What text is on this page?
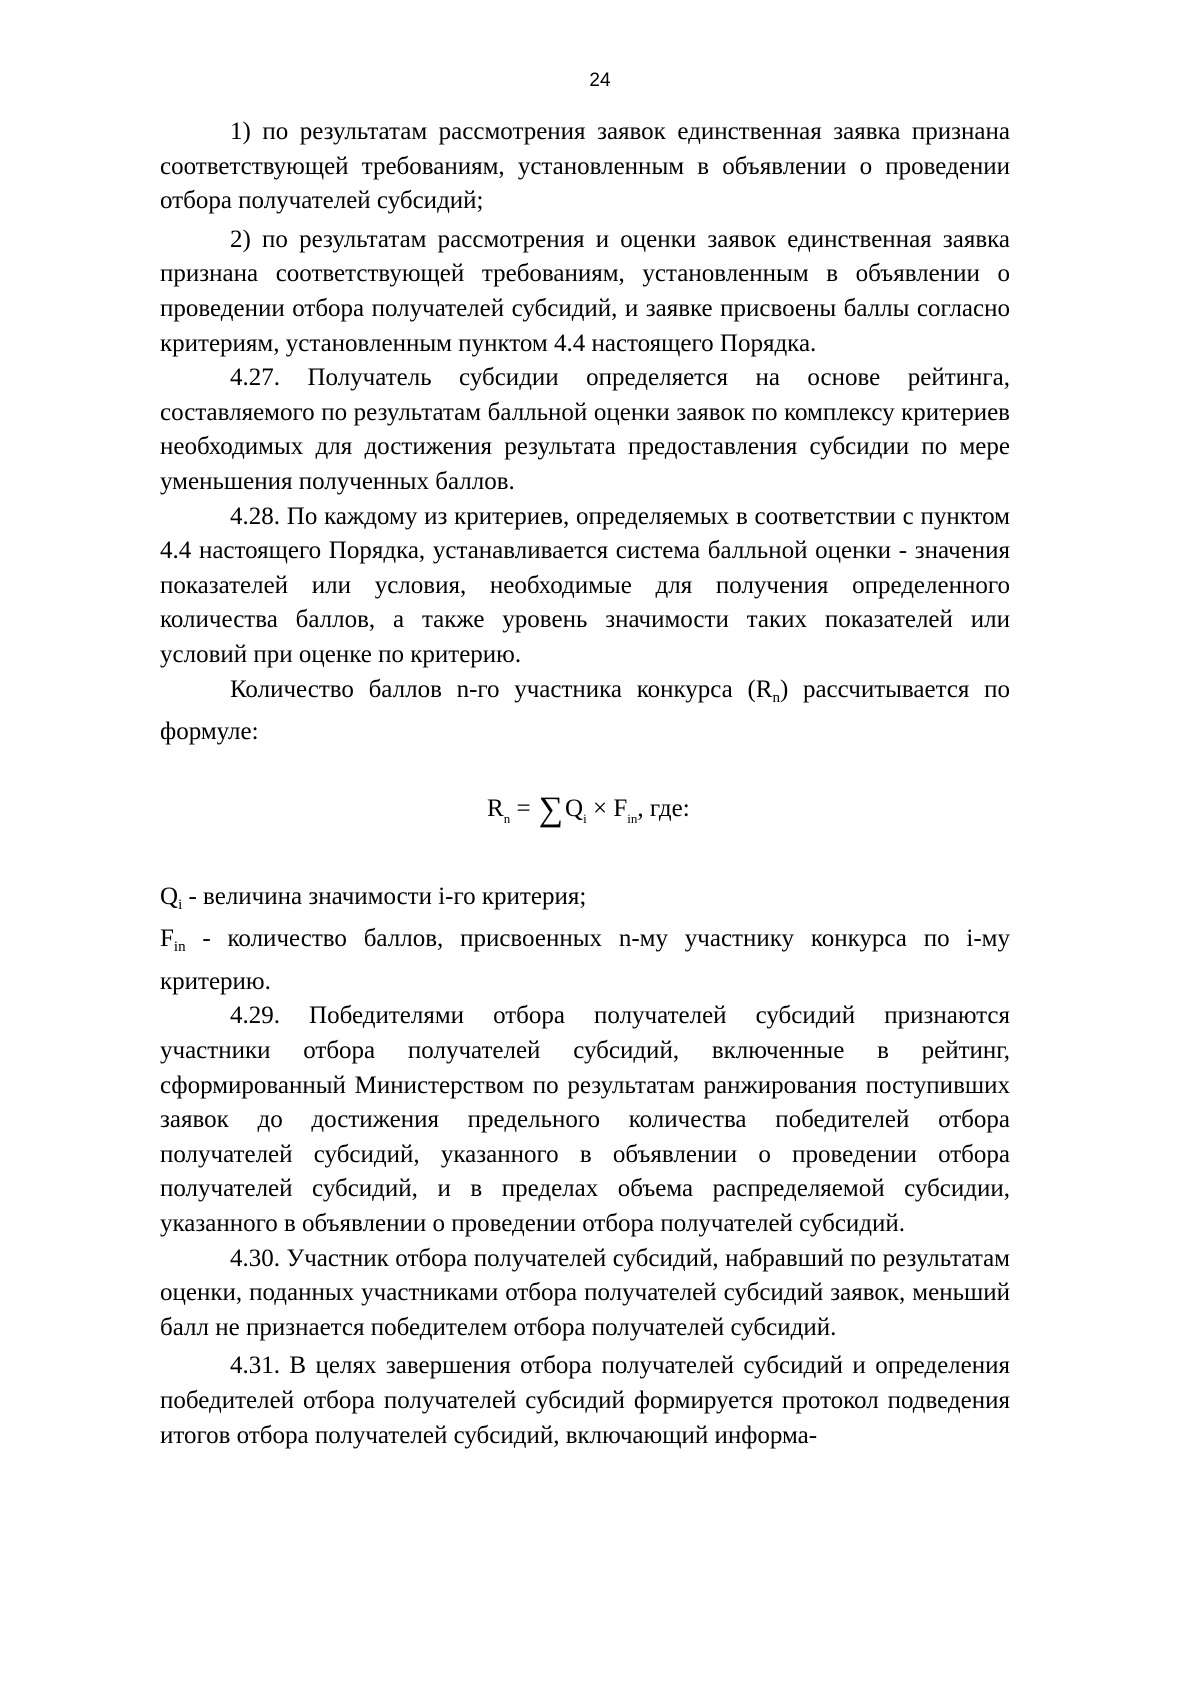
24

1) по результатам рассмотрения заявок единственная заявка признана соответствующей требованиям, установленным в объявлении о проведении отбора получателей субсидий;

2) по результатам рассмотрения и оценки заявок единственная заявка признана соответствующей требованиям, установленным в объявлении о проведении отбора получателей субсидий, и заявке присвоены баллы согласно критериям, установленным пунктом 4.4 настоящего Порядка.

4.27. Получатель субсидии определяется на основе рейтинга, составляемого по результатам балльной оценки заявок по комплексу критериев необходимых для достижения результата предоставления субсидии по мере уменьшения полученных баллов.

4.28. По каждому из критериев, определяемых в соответствии с пунктом 4.4 настоящего Порядка, устанавливается система балльной оценки - значения показателей или условия, необходимые для получения определенного количества баллов, а также уровень значимости таких показателей или условий при оценке по критерию.

Количество баллов n-го участника конкурса $(R_n)$ рассчитывается по формуле:

$R_n = \sum Q_i \times F_{in}$, где:

$Q_i$ - величина значимости i-го критерия;

$F_{in}$ - количество баллов, присвоенных n-му участнику конкурса по i-му критерию.

4.29. Победителями отбора получателей субсидий признаются участники отбора получателей субсидий, включенные в рейтинг, сформированный Министерством по результатам ранжирования поступивших заявок до достижения предельного количества победителей отбора получателей субсидий, указанного в объявлении о проведении отбора получателей субсидий, и в пределах объема распределяемой субсидии, указанного в объявлении о проведении отбора получателей субсидий.

4.30. Участник отбора получателей субсидий, набравший по результатам оценки, поданных участниками отбора получателей субсидий заявок, меньший балл не признается победителем отбора получателей субсидий.

4.31. В целях завершения отбора получателей субсидий и определения победителей отбора получателей субсидий формируется протокол подведения итогов отбора получателей субсидий, включающий информа-
